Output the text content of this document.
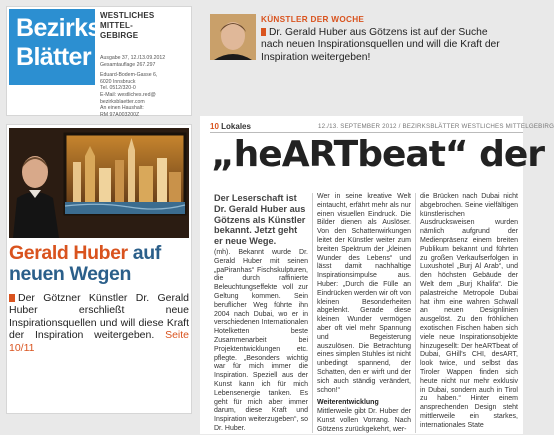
Bezirks
Blätter
WESTLICHES
MITTEL-
GEBIRGE

Ausgabe 37, 12./13.09.2012

Gesamtauflage 267.297

Eduard-Bodem-Gasse 6,

6020 Innsbruck

Tel. 0512/320-0

E-Mail: westliches.red@

bezirksblaetter.com

An einen Haushalt:

RM 97A003200Z

Gerald Huber auf neuen Wegen
Der Götzner Künstler Dr. Gerald Huber erschließt neue Inspirationsquellen und will diese Kraft der Inspiration weitergeben. Seite 10/11
KÜNSTLER DER WOCHE
Dr. Gerald Huber aus Götzens ist auf der Suche nach neuen Inspirationsquellen und will die Kraft der Inspiration weitergeben!
10 Lokales	12./13. SEPTEMBER 2012 / BEZIRKSBLÄTTER WESTLICHES MITTELGEBIRG
„heARTbeat“ der
Der Leserschaft ist Dr. Gerald Huber aus Götzens als Künstler bekannt. Jetzt geht er neue Wege.
(mh). Bekannt wurde Dr. Gerald Huber mit seinen „paPiranhas“ Fischskulpturen, die durch raffinierte Beleuchtungseffekte voll zur Geltung kommen. Sein beruflicher Weg führte ihn 2004 nach Dubai, wo er in verschiedenen Internationalen Hotelketten beste Zusammenarbeit bei Projektentwicklungen etc. pflegte. „Besonders wichtig war für mich immer die Inspiration. Speziell aus der Kunst kann ich für mich Lebensenergie tanken. Es geht für mich aber immer darum, diese Kraft und Inspiration weiterzugeben“, so Dr. Huber.
Wer in seine kreative Welt eintaucht, erfährt mehr als nur einen visuellen Eindruck. Die Bilder dienen als Auslöser. Von den Schattenwirkungen leitet der Künstler weiter zum breiten Spektrum der „kleinen Wunder des Lebens“ und lässt damit nachhaltige Inspirationsimpulse aus. Huber: „Durch die Fülle an Eindrücken werden wir oft von kleinen Besonderheiten abgelenkt. Gerade diese kleinen Wunder vermögen aber oft viel mehr Spannung und Begeisterung auszulösen. Die Betrachtung eines simplen Stuhles ist nicht unbedingt spannend, der Schatten, den er wirft und der sich auch ständig verändert, schon!“
Weiterentwicklung
Mittlerweile gibt Dr. Huber der Kunst vollen Vorrang. Nach Götzens zurückgekehrt, wer-
die Brücken nach Dubai nicht abgebrochen. Seine vielfältigen künstlerischen Ausdrucksweisen wurden nämlich aufgrund der Medienpräsenz einem breiten Publikum bekannt und führten zu großen Verkaufserfolgen in Luxushotel „Burj Al Arab“, und den höchsten Gebäude der Welt dem „Burj Khalifa“. Die palastreiche Metropole Dubai hat ihm eine wahren Schwall an neuen Designlinien ausgelöst. Zu den fröhlichen exotischen Fischen haben sich viele neue Inspirationsobjekte hinzugesellt: Der heARTbeat of Dubai, GHill's CHI, desART, look twice, und selbst das Tiroler Wappen finden sich heute nicht nur mehr exklusiv in Dubai, sondern auch in Tirol zu haben.“ Hinter einem ansprechenden Design steht mittlerweile ein starkes, internationales State
